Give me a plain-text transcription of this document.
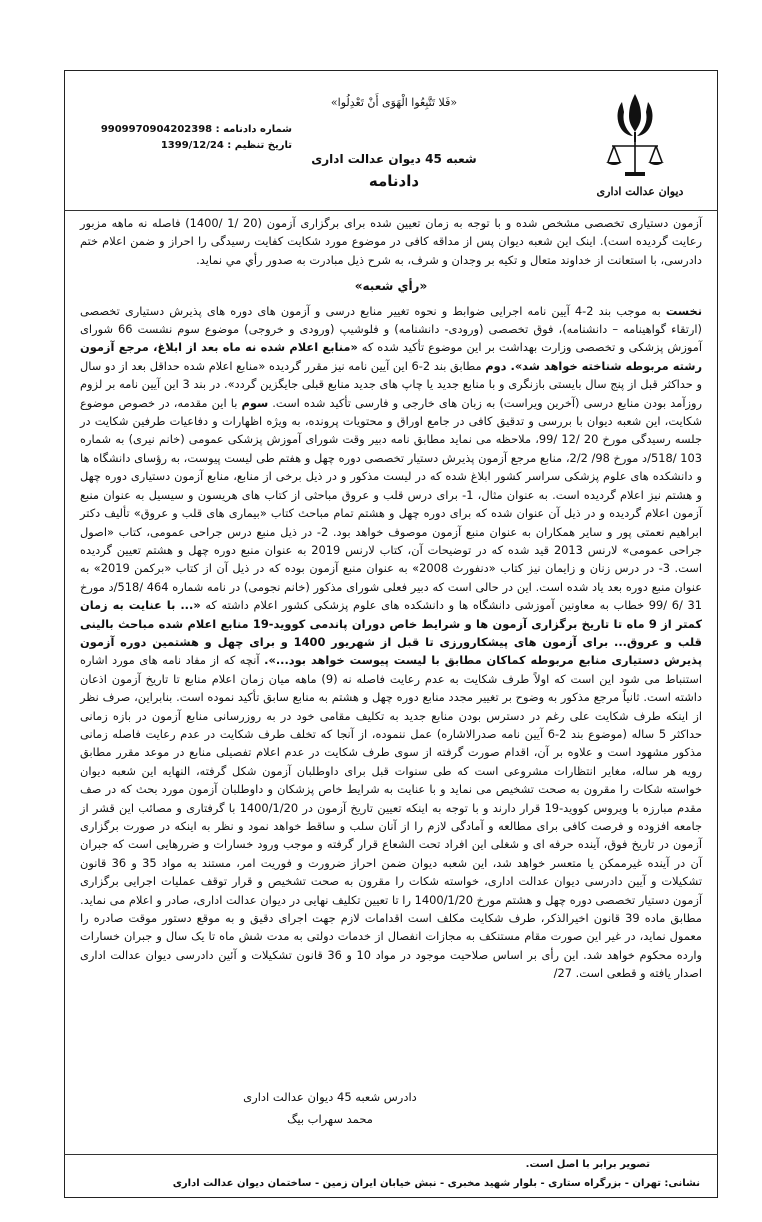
دیوان عدالت اداری
«فَلا تَتَّبِعُوا الْهَوَى أَنْ تَعْدِلُوا»
شعبه 45 دیوان عدالت اداری
دادنامه
شماره دادنامه : 9909970904202398
تاریخ تنظیم : 1399/12/24

آزمون دستیاری تخصصی مشخص شده و با توجه به زمان تعیین شده برای برگزاری آزمون (20 /1 /1400) فاصله نه ماهه مزبور رعایت گردیده است). اینک این شعبه دیوان پس از مداقه کافی در موضوع مورد شکایت کفایت رسیدگی را احراز و ضمن اعلام ختم دادرسی، با استعانت از خداوند متعال و تکیه بر وجدان و شرف، به شرح ذیل مبادرت به صدور رأي مي نمايد.

«رأي شعبه»

نخست به موجب بند 2-4 آیین نامه اجرایی ضوابط و نحوه تغییر منابع درسی و آزمون های دوره های پذیرش دستیاری تخصصی (ارتقاء گواهینامه – دانشنامه)، فوق تخصصی (ورودی- دانشنامه) و فلوشیپ (ورودی و خروجی) موضوع سوم نشست 66 شورای آموزش پزشکی و تخصصی وزارت بهداشت بر این موضوع تأکید شده که «منابع اعلام شده نه ماه بعد از ابلاغ، مرجع آزمون رشته مربوطه شناخته خواهد شد». دوم مطابق بند 2-6 این آیین نامه نیز مقرر گردیده «منابع اعلام شده حداقل بعد از دو سال و حداکثر قبل از پنج سال بایستی بازنگری و با منابع جدید یا چاپ های جدید منابع قبلی جایگزین گردد». در بند 3 این آیین نامه بر لزوم روزآمد بودن منابع درسی (آخرین ویراست) به زبان های خارجی و فارسی تأکید شده است. سوم با این مقدمه، در خصوص موضوع شکایت، این شعبه دیوان با بررسی و تدقیق کافی در جامع اوراق و محتویات پرونده، به ویژه اظهارات و دفاعیات طرفین شکایت در جلسه رسیدگی مورخ 20 /12 /99، ملاحظه می نماید مطابق نامه دبیر وقت شورای آموزش پزشکی عمومی (خانم نیری) به شماره 103 /518/د مورخ 98/ 2/2، منابع مرجع آزمون پذیرش دستیار تخصصی دوره چهل و هفتم طی لیست پیوست، به رؤسای دانشگاه ها و دانشکده های علوم پزشکی سراسر کشور ابلاغ شده که در لیست مذکور و در ذیل برخی از منابع، منابع آزمون دستیاری دوره چهل و هشتم نیز اعلام گردیده است. به عنوان مثال، 1- برای درس قلب و عروق مباحثی از کتاب های هریسون و سیسیل به عنوان منبع آزمون اعلام گردیده و در ذیل آن عنوان شده که برای دوره چهل و هشتم تمام مباحث کتاب «بیماری های قلب و عروق» تألیف دکتر ابراهیم نعمتی پور و سایر همکاران به عنوان منبع آزمون موصوف خواهد بود. 2- در ذیل منبع درس جراحی عمومی، کتاب «اصول جراحی عمومی» لارنس 2013 قید شده که در توضیحات آن، کتاب لارنس 2019 به عنوان منبع دوره چهل و هشتم تعیین گردیده است. 3- در درس زنان و زایمان نیز کتاب «دنفورث 2008» به عنوان منبع آزمون بوده که در ذیل آن از کتاب «برکمن 2019» به عنوان منبع دوره بعد یاد شده است. این در حالی است که دبیر فعلی شورای مذکور (خانم نجومی) در نامه شماره 464 /518/د مورخ 31 /6 /99 خطاب به معاونین آموزشی دانشگاه ها و دانشکده های علوم پزشکی کشور اعلام داشته که «... با عنایت به زمان کمتر از 9 ماه تا تاریخ برگزاری آزمون ها و شرایط خاص دوران پاندمی کووید-19 منابع اعلام شده مباحث بالینی قلب و عروق... برای آزمون های پیشکارورزی تا قبل از شهریور 1400 و برای چهل و هشتمین دوره آزمون پذیرش دستیاری منابع مربوطه کماکان مطابق با لیست پیوست خواهد بود...». آنچه که از مفاد نامه های مورد اشاره استنباط می شود این است که اولاً طرف شکایت به عدم رعایت فاصله نه (9) ماهه میان زمان اعلام منابع تا تاریخ آزمون اذعان داشته است. ثانیاً مرجع مذکور به وضوح بر تغییر مجدد منابع دوره چهل و هشتم به منابع سابق تأکید نموده است. بنابراین، صرف نظر از اینکه طرف شکایت علی رغم در دسترس بودن منابع جدید به تکلیف مقامی خود در به روزرسانی منابع آزمون در بازه زمانی حداکثر 5 ساله (موضوع بند 2-6 آیین نامه صدرالاشاره) عمل ننموده، از آنجا که تخلف طرف شکایت در عدم رعایت فاصله زمانی مذکور مشهود است و علاوه بر آن، اقدام صورت گرفته از سوی طرف شکایت در عدم اعلام تفصیلی منابع در موعد مقرر مطابق رویه هر ساله، مغایر انتظارات مشروعی است که طی سنوات قبل برای داوطلبان آزمون شکل گرفته، النهایه این شعبه دیوان خواسته شکات را مقرون به صحت تشخیص می نماید و با عنایت به شرایط خاص پزشکان و داوطلبان آزمون مورد بحث که در صف مقدم مبارزه با ویروس کووید-19 قرار دارند و با توجه به اینکه تعیین تاریخ آزمون در 1400/1/20 با گرفتاری و مصائب این قشر از جامعه افزوده و فرصت کافی برای مطالعه و آمادگی لازم را از آنان سلب و ساقط خواهد نمود و نظر به اینکه در صورت برگزاری آزمون در تاریخ فوق، آینده حرفه ای و شغلی این افراد تحت الشعاع قرار گرفته و موجب ورود خسارات و ضررهایی است که جبران آن در آینده غیرممکن یا متعسر خواهد شد، این شعبه دیوان ضمن احراز ضرورت و فوریت امر، مستند به مواد 35 و 36 قانون تشکیلات و آیین دادرسی دیوان عدالت اداری، خواسته شکات را مقرون به صحت تشخیص و قرار توقف عملیات اجرایی برگزاری آزمون دستیار تخصصی دوره چهل و هشتم مورخ 1400/1/20 را تا تعیین تکلیف نهایی در دیوان عدالت اداری، صادر و اعلام می نماید. مطابق ماده 39 قانون اخیرالذکر، طرف شکایت مکلف است اقدامات لازم جهت اجرای دقیق و به موقع دستور موقت صادره را معمول نماید، در غیر این صورت مقام مستنکف به مجازات انفصال از خدمات دولتی به مدت شش ماه تا یک سال و جبران خسارات وارده محکوم خواهد شد. این رأی بر اساس صلاحیت موجود در مواد 10 و 36 قانون تشکیلات و آئین دادرسی دیوان عدالت اداری اصدار یافته و قطعی است. 27/

دادرس شعبه 45 دیوان عدالت اداری
محمد سهراب بیگ
تصویر برابر با اصل است.
نشانی: تهران - بزرگراه ستاری - بلوار شهید مخبری - نبش خیابان ایران زمین - ساختمان دیوان عدالت اداری
